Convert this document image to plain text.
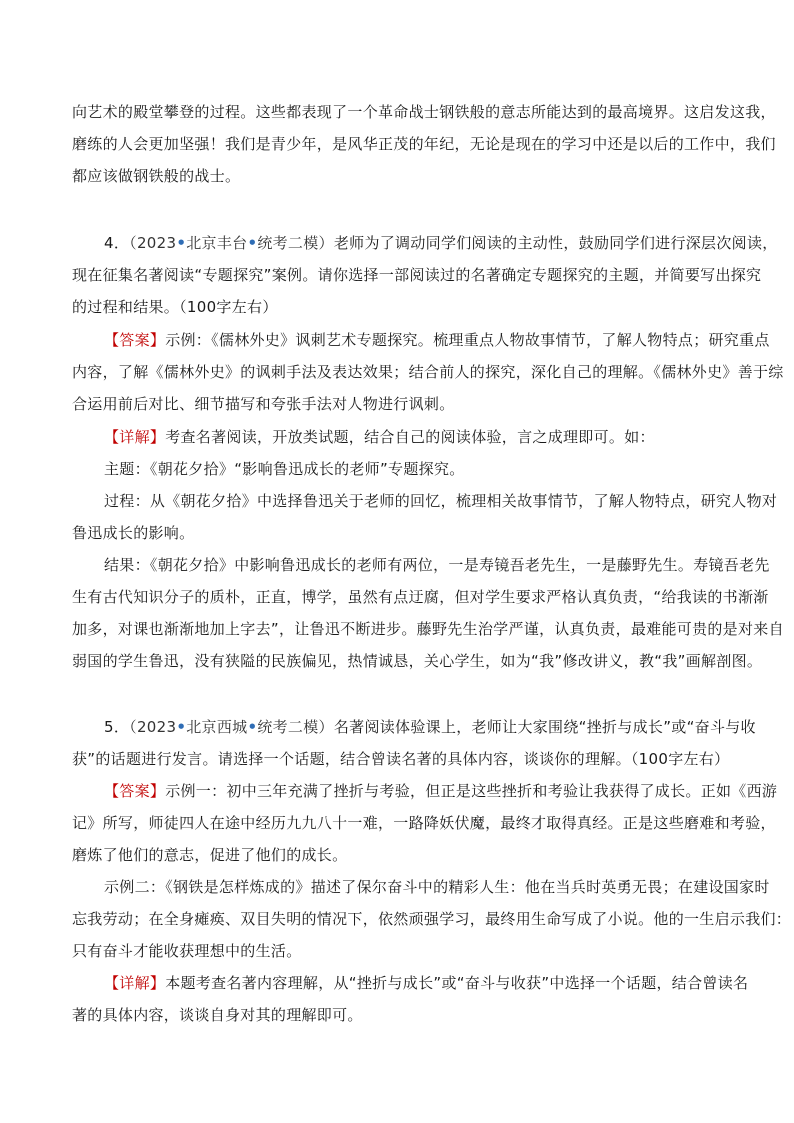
向艺术的殿堂攀登的过程。这些都表现了一个革命战士钢铁般的意志所能达到的最高境界。这启发这我，
磨练的人会更加坚强！我们是青少年，是风华正茂的年纪，无论是现在的学习中还是以后的工作中，我们
都应该做钢铁般的战士。
4．（2023•北京丰台•统考二模）老师为了调动同学们阅读的主动性，鼓励同学们进行深层次阅读，
现在征集名著阅读“专题探究”案例。请你选择一部阅读过的名著确定专题探究的主题，并简要写出探究
的过程和结果。（100字左右）
【答案】示例：《儒林外史》讽刺艺术专题探究。梳理重点人物故事情节，了解人物特点；研究重点
内容，了解《儒林外史》的讽刺手法及表达效果；结合前人的探究，深化自己的理解。《儒林外史》善于综
合运用前后对比、细节描写和夸张手法对人物进行讽刺。
【详解】考查名著阅读，开放类试题，结合自己的阅读体验，言之成理即可。如：
主题：《朝花夕拾》“影响鲁迅成长的老师”专题探究。
过程：从《朝花夕拾》中选择鲁迅关于老师的回忆，梳理相关故事情节，了解人物特点，研究人物对
鲁迅成长的影响。
结果：《朝花夕拾》中影响鲁迅成长的老师有两位，一是寿镜吾老先生，一是藤野先生。寿镜吾老先
生有古代知识分子的质朴，正直，博学，虽然有点迂腐，但对学生要求严格认真负责，“给我读的书渐渐
加多，对课也渐渐地加上字去”，让鲁迅不断进步。藤野先生治学严谨，认真负责，最难能可贵的是对来自
弱国的学生鲁迅，没有狭隘的民族偏见，热情诚恳，关心学生，如为“我”修改讲义，教“我”画解剖图。
5．（2023•北京西城•统考二模）名著阅读体验课上，老师让大家围绕“挫折与成长”或“奋斗与收
获”的话题进行发言。请选择一个话题，结合曾读名著的具体内容，谈谈你的理解。（100字左右）
【答案】示例一：初中三年充满了挫折与考验，但正是这些挫折和考验让我获得了成长。正如《西游
记》所写，师徒四人在途中经历九九八十一难，一路降妖伏魔，最终才取得真经。正是这些磨难和考验，
磨炼了他们的意志，促进了他们的成长。
示例二：《钢铁是怎样炼成的》描述了保尔奋斗中的精彩人生：他在当兵时英勇无畏；在建设国家时
忘我劳动；在全身瘫痪、双目失明的情况下，依然顽强学习，最终用生命写成了小说。他的一生启示我们：
只有奋斗才能收获理想中的生活。
【详解】本题考查名著内容理解，从“挫折与成长”或“奋斗与收获”中选择一个话题，结合曾读名
著的具体内容，谈谈自身对其的理解即可。
